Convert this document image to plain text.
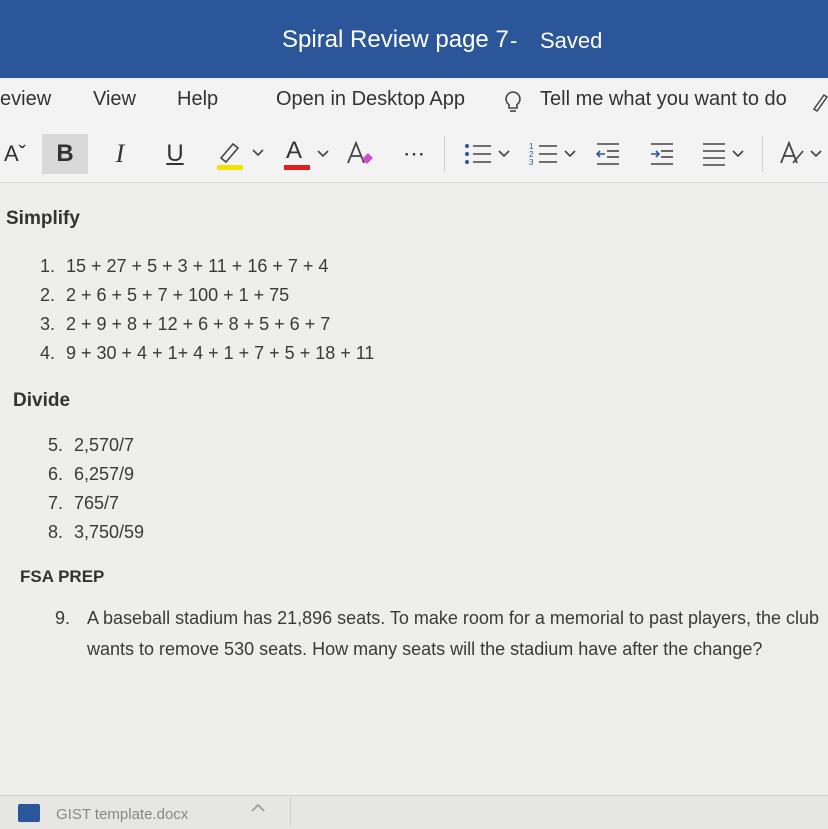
Spiral Review page 7 - Saved
eview View Help	Open in Desktop App	Tell me what you want to do
Aˇ	B	I	U	A	⋯	1
2
3
Simplify
1. 15 + 27 + 5 + 3 + 11 + 16 + 7 + 4
2. 2 + 6 + 5 + 7 + 100 + 1 + 75
3. 2 + 9 + 8 + 12 + 6 + 8 + 5 + 6 + 7
4. 9 + 30 + 4 + 1+ 4 + 1 + 7 + 5 + 18 + 11
Divide
5. 2,570/7
6. 6,257/9
7. 765/7
8. 3,750/59
FSA PREP
9. A baseball stadium has 21,896 seats. To make room for a memorial to past players, the club wants to remove 530 seats. How many seats will the stadium have after the change?
GIST template.docx
